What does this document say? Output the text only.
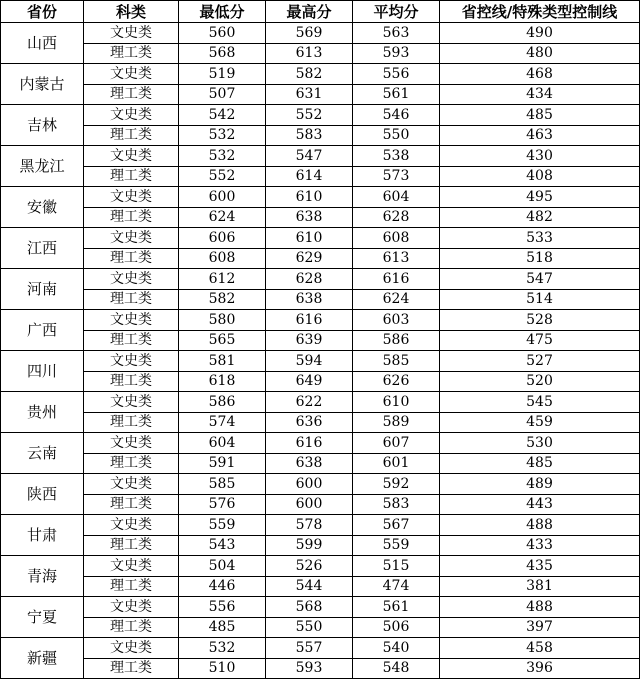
省份	科类	最低分	最高分	平均分	省控线/特殊类型控制线
山西	文史类	560	569	563	490
	理工类	568	613	593	480
内蒙古	文史类	519	582	556	468
	理工类	507	631	561	434
吉林	文史类	542	552	546	485
	理工类	532	583	550	463
黑龙江	文史类	532	547	538	430
	理工类	552	614	573	408
安徽	文史类	600	610	604	495
	理工类	624	638	628	482
江西	文史类	606	610	608	533
	理工类	608	629	613	518
河南	文史类	612	628	616	547
	理工类	582	638	624	514
广西	文史类	580	616	603	528
	理工类	565	639	586	475
四川	文史类	581	594	585	527
	理工类	618	649	626	520
贵州	文史类	586	622	610	545
	理工类	574	636	589	459
云南	文史类	604	616	607	530
	理工类	591	638	601	485
陕西	文史类	585	600	592	489
	理工类	576	600	583	443
甘肃	文史类	559	578	567	488
	理工类	543	599	559	433
青海	文史类	504	526	515	435
	理工类	446	544	474	381
宁夏	文史类	556	568	561	488
	理工类	485	550	506	397
新疆	文史类	532	557	540	458
	理工类	510	593	548	396
